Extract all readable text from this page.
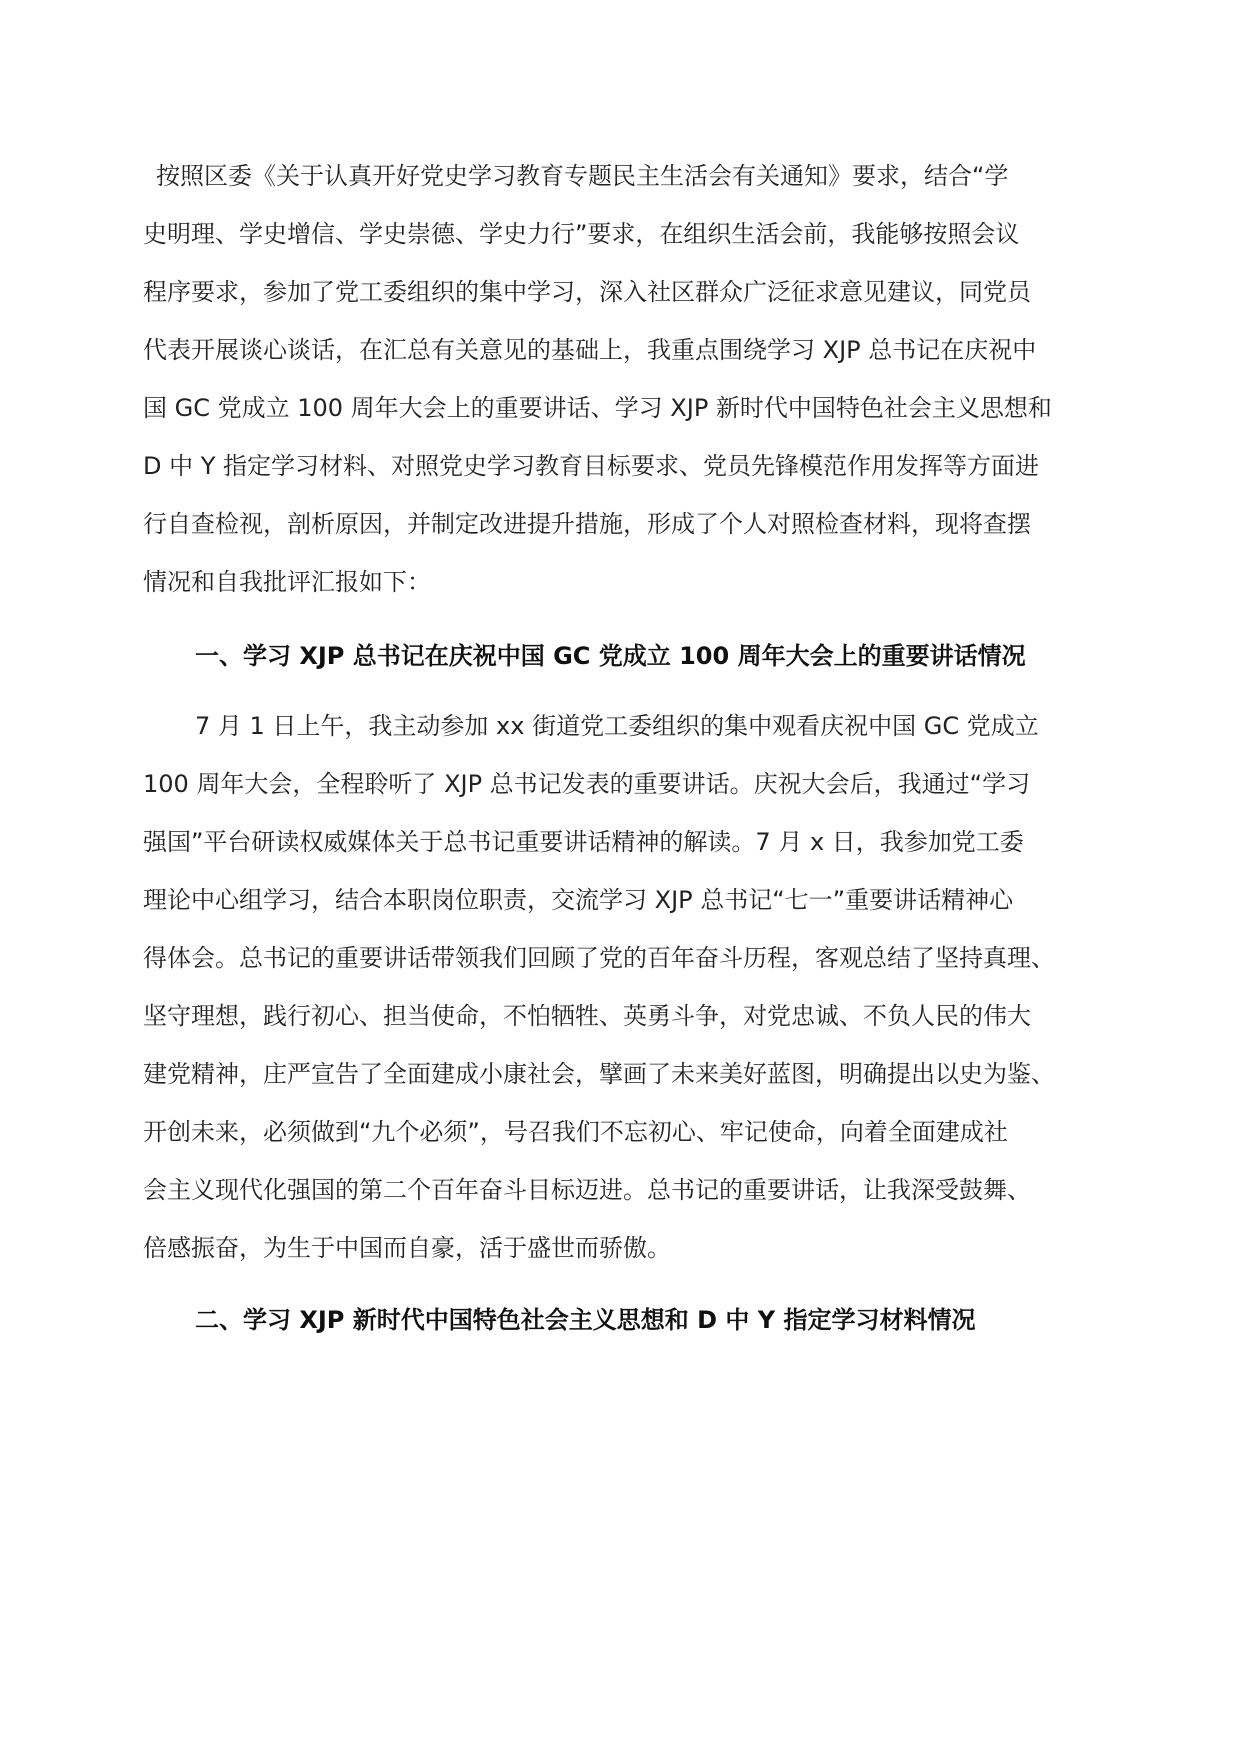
按照区委《关于认真开好党史学习教育专题民主生活会有关通知》要求，结合“学
史明理、学史增信、学史崇德、学史力行”要求，在组织生活会前，我能够按照会议
程序要求，参加了党工委组织的集中学习，深入社区群众广泛征求意见建议，同党员
代表开展谈心谈话，在汇总有关意见的基础上，我重点围绕学习 XJP 总书记在庆祝中
国 GC 党成立 100 周年大会上的重要讲话、学习 XJP 新时代中国特色社会主义思想和
D 中 Y 指定学习材料、对照党史学习教育目标要求、党员先锋模范作用发挥等方面进
行自查检视，剖析原因，并制定改进提升措施，形成了个人对照检查材料，现将查摆
情况和自我批评汇报如下：
一、学习 XJP 总书记在庆祝中国 GC 党成立 100 周年大会上的重要讲话情况
7 月 1 日上午，我主动参加 xx 街道党工委组织的集中观看庆祝中国 GC 党成立
100 周年大会，全程聆听了 XJP 总书记发表的重要讲话。庆祝大会后，我通过“学习
强国”平台研读权威媒体关于总书记重要讲话精神的解读。7 月 x 日，我参加党工委
理论中心组学习，结合本职岗位职责，交流学习 XJP 总书记“七一”重要讲话精神心
得体会。总书记的重要讲话带领我们回顾了党的百年奋斗历程，客观总结了坚持真理、
坚守理想，践行初心、担当使命，不怕牺牲、英勇斗争，对党忠诚、不负人民的伟大
建党精神，庄严宣告了全面建成小康社会，擘画了未来美好蓝图，明确提出以史为鉴、
开创未来，必须做到“九个必须”，号召我们不忘初心、牢记使命，向着全面建成社
会主义现代化强国的第二个百年奋斗目标迈进。总书记的重要讲话，让我深受鼓舞、
倍感振奋，为生于中国而自豪，活于盛世而骄傲。
二、学习 XJP 新时代中国特色社会主义思想和 D 中 Y 指定学习材料情况
